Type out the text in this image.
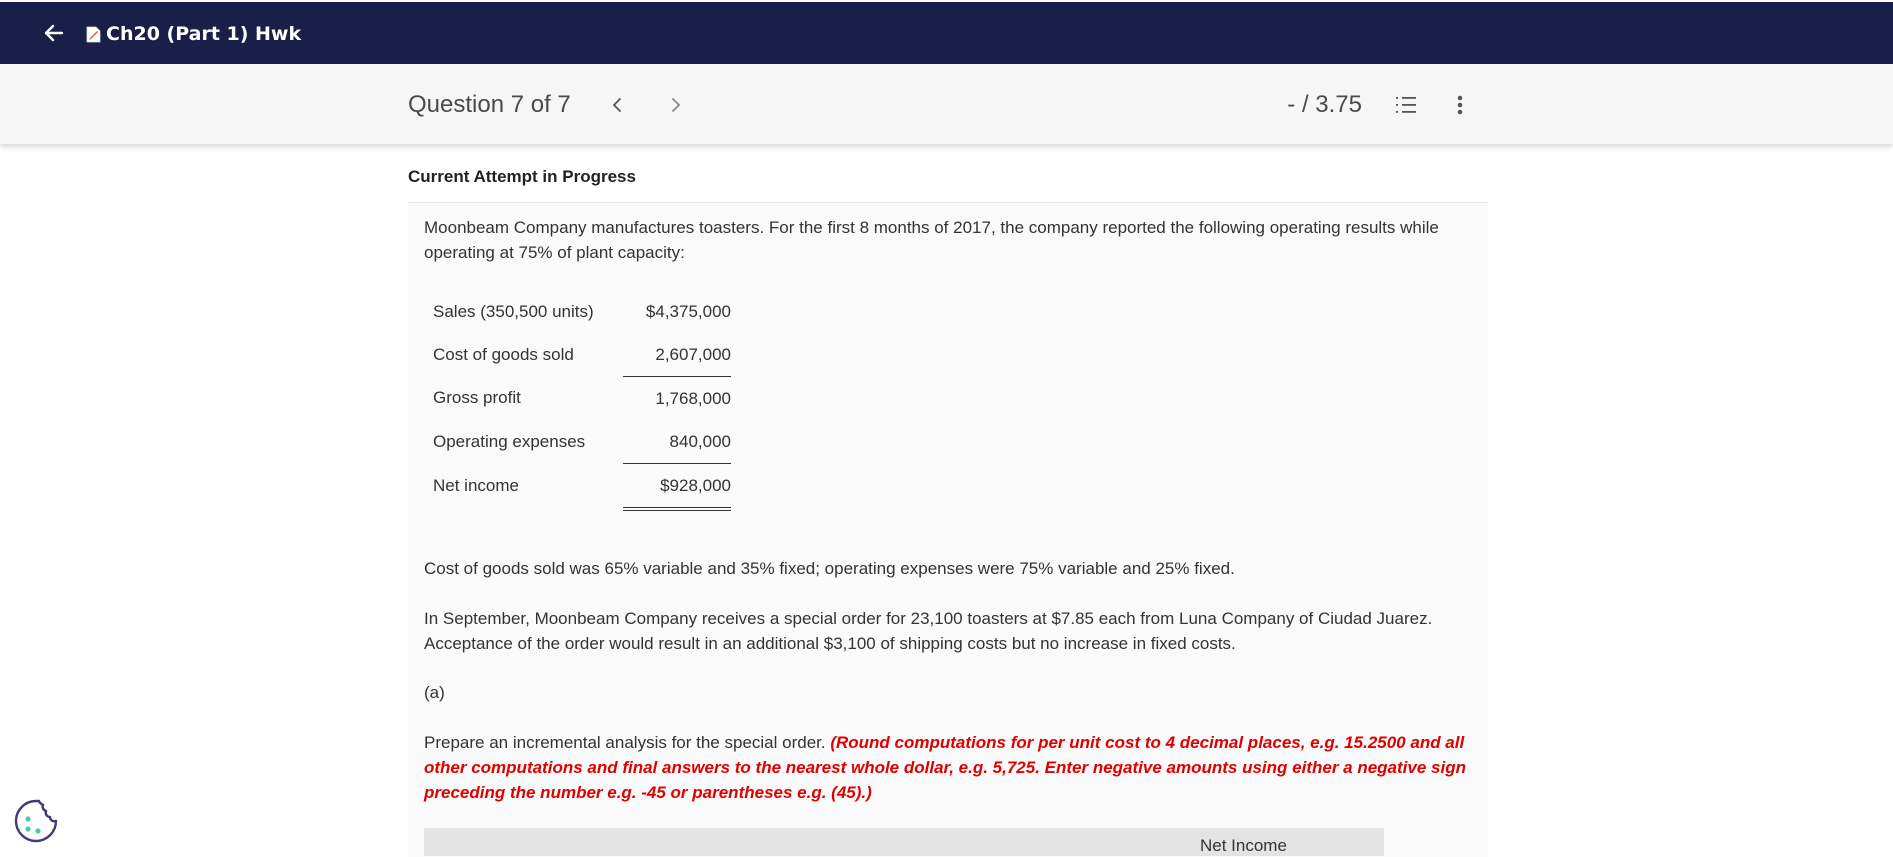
Ch20 (Part 1) Hwk
Question 7 of 7	- / 3.75
Current Attempt in Progress
Moonbeam Company manufactures toasters. For the first 8 months of 2017, the company reported the following operating results while operating at 75% of plant capacity:
Sales (350,500 units)	$4,375,000
Cost of goods sold	2,607,000
Gross profit	1,768,000
Operating expenses	840,000
Net income	$928,000
Cost of goods sold was 65% variable and 35% fixed; operating expenses were 75% variable and 25% fixed.
In September, Moonbeam Company receives a special order for 23,100 toasters at $7.85 each from Luna Company of Ciudad Juarez. Acceptance of the order would result in an additional $3,100 of shipping costs but no increase in fixed costs.
(a)
Prepare an incremental analysis for the special order. (Round computations for per unit cost to 4 decimal places, e.g. 15.2500 and all other computations and final answers to the nearest whole dollar, e.g. 5,725. Enter negative amounts using either a negative sign preceding the number e.g. -45 or parentheses e.g. (45).)
Net Income
